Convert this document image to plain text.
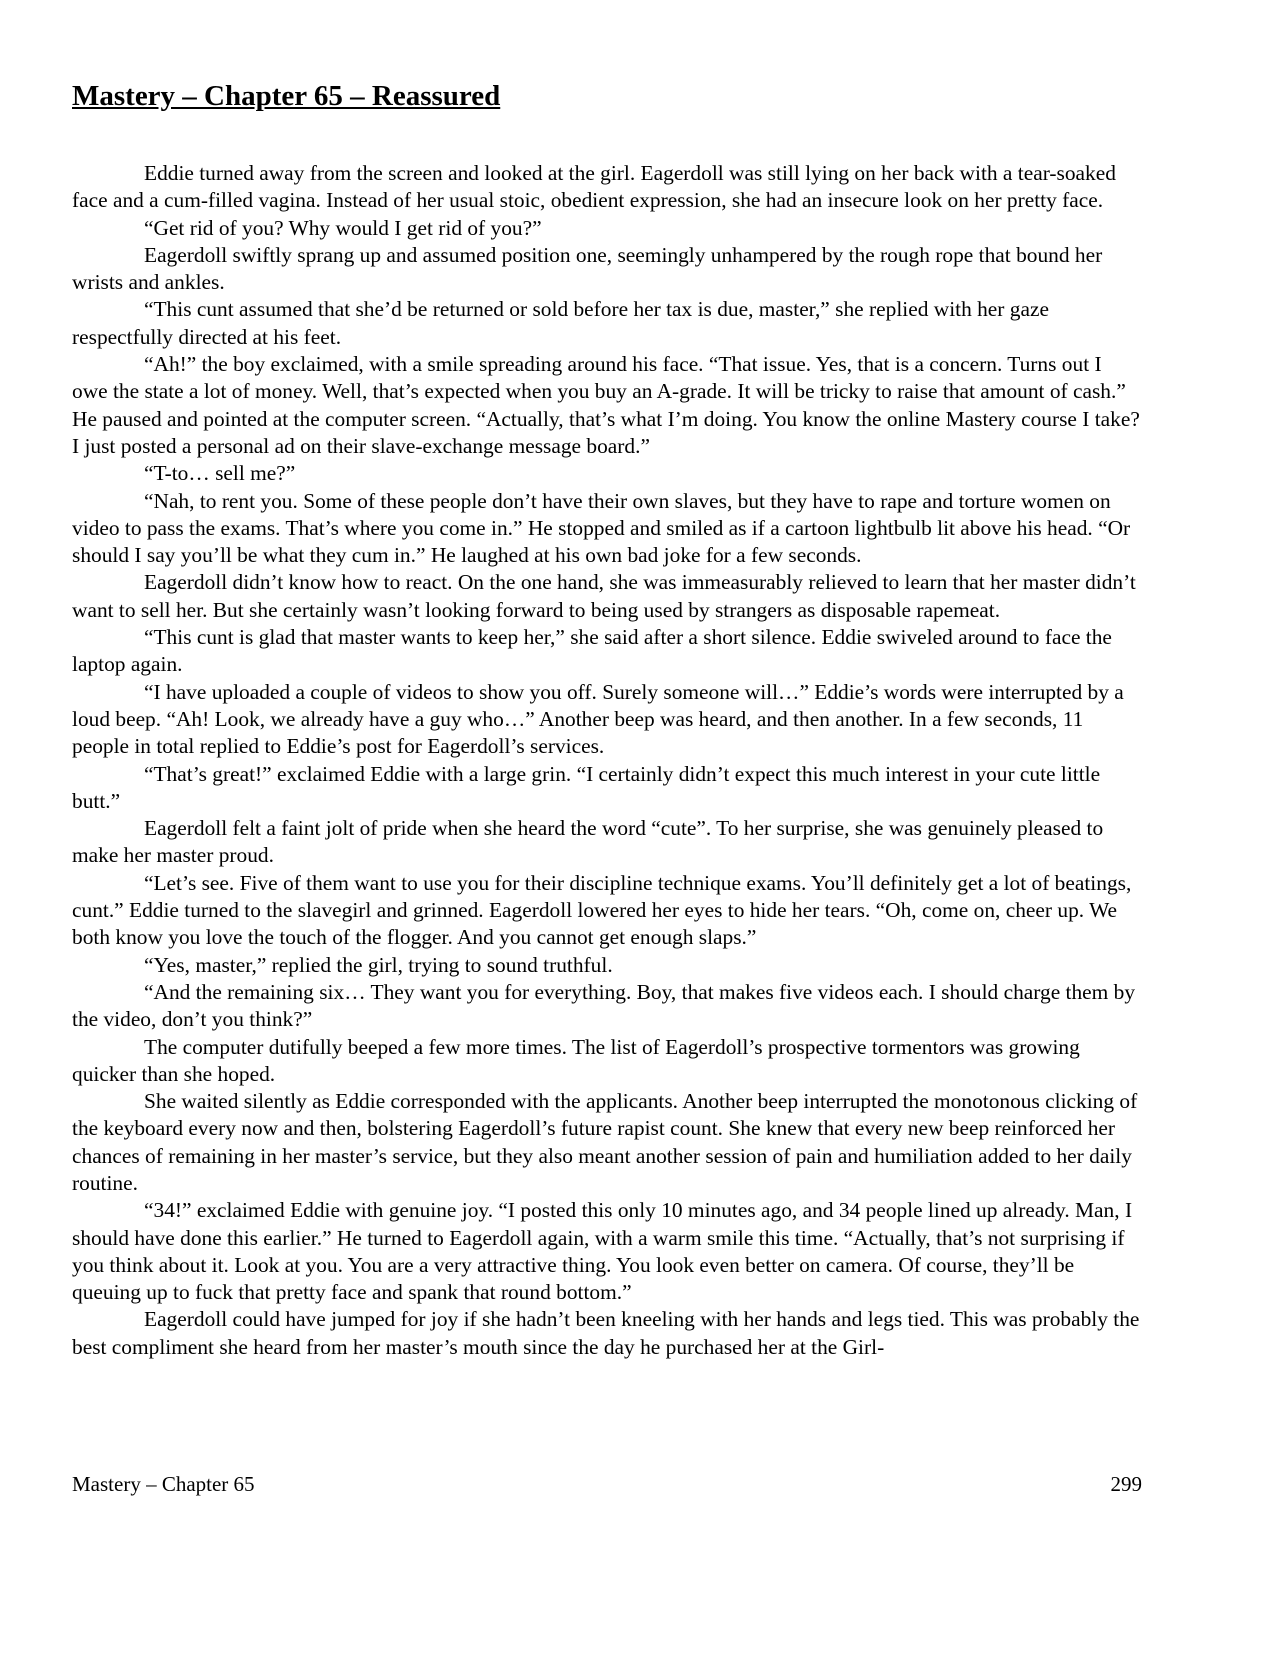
Mastery – Chapter 65 – Reassured

Eddie turned away from the screen and looked at the girl. Eagerdoll was still lying on her back with a tear-soaked face and a cum-filled vagina. Instead of her usual stoic, obedient expression, she had an insecure look on her pretty face.

“Get rid of you? Why would I get rid of you?”

Eagerdoll swiftly sprang up and assumed position one, seemingly unhampered by the rough rope that bound her wrists and ankles.

“This cunt assumed that she’d be returned or sold before her tax is due, master,” she replied with her gaze respectfully directed at his feet.

“Ah!” the boy exclaimed, with a smile spreading around his face. “That issue. Yes, that is a concern. Turns out I owe the state a lot of money. Well, that’s expected when you buy an A-grade. It will be tricky to raise that amount of cash.” He paused and pointed at the computer screen. “Actually, that’s what I’m doing. You know the online Mastery course I take? I just posted a personal ad on their slave-exchange message board.”

“T-to… sell me?”

“Nah, to rent you. Some of these people don’t have their own slaves, but they have to rape and torture women on video to pass the exams. That’s where you come in.” He stopped and smiled as if a cartoon lightbulb lit above his head. “Or should I say you’ll be what they cum in.” He laughed at his own bad joke for a few seconds.

Eagerdoll didn’t know how to react. On the one hand, she was immeasurably relieved to learn that her master didn’t want to sell her. But she certainly wasn’t looking forward to being used by strangers as disposable rapemeat.

“This cunt is glad that master wants to keep her,” she said after a short silence. Eddie swiveled around to face the laptop again.

“I have uploaded a couple of videos to show you off. Surely someone will…” Eddie’s words were interrupted by a loud beep. “Ah! Look, we already have a guy who…” Another beep was heard, and then another. In a few seconds, 11 people in total replied to Eddie’s post for Eagerdoll’s services.

“That’s great!” exclaimed Eddie with a large grin. “I certainly didn’t expect this much interest in your cute little butt.”

Eagerdoll felt a faint jolt of pride when she heard the word “cute”. To her surprise, she was genuinely pleased to make her master proud.

“Let’s see. Five of them want to use you for their discipline technique exams. You’ll definitely get a lot of beatings, cunt.” Eddie turned to the slavegirl and grinned. Eagerdoll lowered her eyes to hide her tears. “Oh, come on, cheer up. We both know you love the touch of the flogger. And you cannot get enough slaps.”

“Yes, master,” replied the girl, trying to sound truthful.

“And the remaining six… They want you for everything. Boy, that makes five videos each. I should charge them by the video, don’t you think?”

The computer dutifully beeped a few more times. The list of Eagerdoll’s prospective tormentors was growing quicker than she hoped.

She waited silently as Eddie corresponded with the applicants. Another beep interrupted the monotonous clicking of the keyboard every now and then, bolstering Eagerdoll’s future rapist count. She knew that every new beep reinforced her chances of remaining in her master’s service, but they also meant another session of pain and humiliation added to her daily routine.

“34!” exclaimed Eddie with genuine joy. “I posted this only 10 minutes ago, and 34 people lined up already. Man, I should have done this earlier.” He turned to Eagerdoll again, with a warm smile this time. “Actually, that’s not surprising if you think about it. Look at you. You are a very attractive thing. You look even better on camera. Of course, they’ll be queuing up to fuck that pretty face and spank that round bottom.”

Eagerdoll could have jumped for joy if she hadn’t been kneeling with her hands and legs tied. This was probably the best compliment she heard from her master’s mouth since the day he purchased her at the Girl-

Mastery – Chapter 65	299
